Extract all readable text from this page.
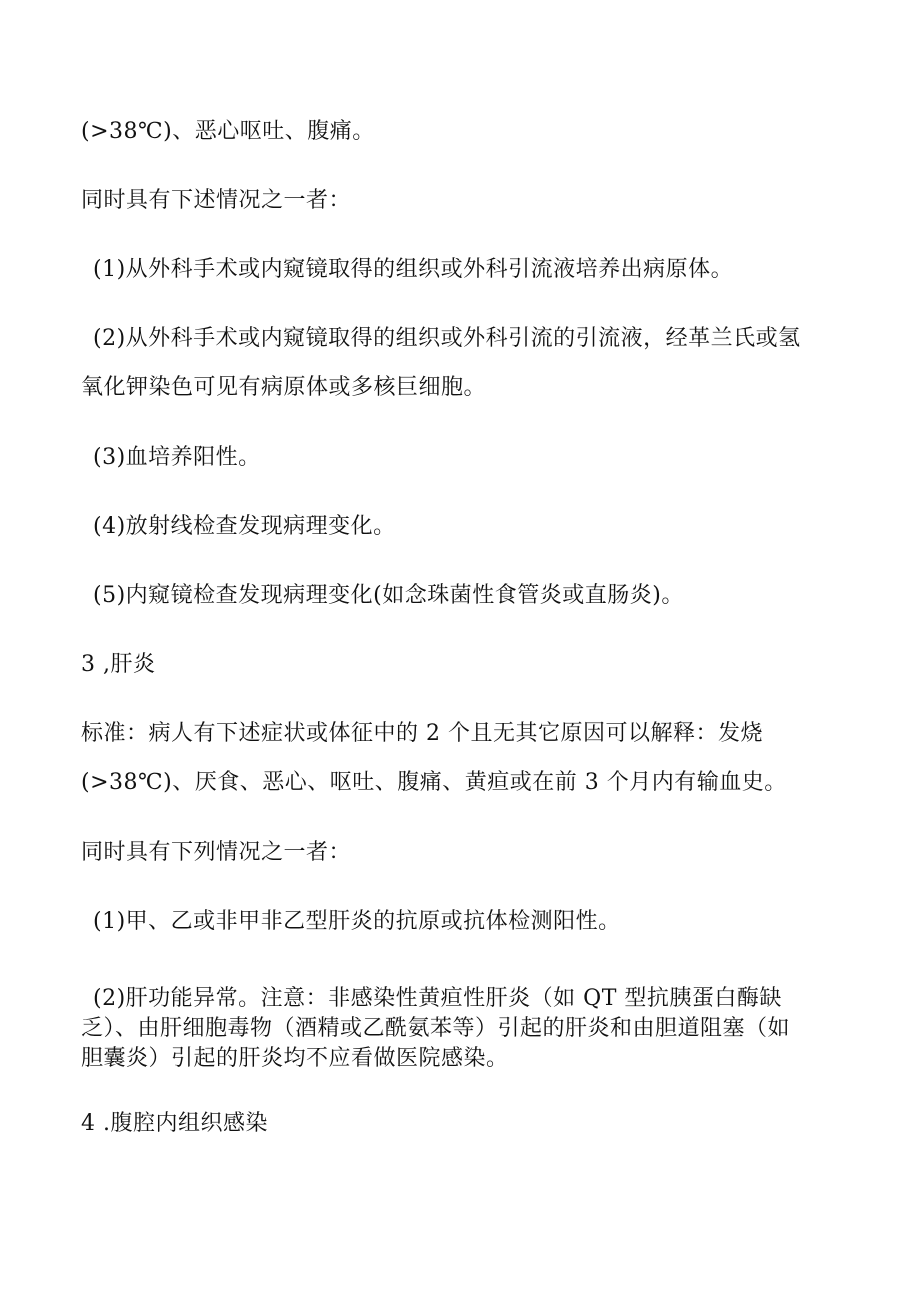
(>38℃)、恶心呕吐、腹痛。
同时具有下述情况之一者：
(1)从外科手术或内窥镜取得的组织或外科引流液培养出病原体。
(2)从外科手术或内窥镜取得的组织或外科引流的引流液，经革兰氏或氢
氧化钾染色可见有病原体或多核巨细胞。
(3)血培养阳性。
(4)放射线检查发现病理变化。
(5)内窥镜检查发现病理变化(如念珠菌性食管炎或直肠炎)。
3 ,肝炎
标准：病人有下述症状或体征中的 2 个且无其它原因可以解释：发烧
(>38℃)、厌食、恶心、呕吐、腹痛、黄疸或在前 3 个月内有输血史。
同时具有下列情况之一者：
(1)甲、乙或非甲非乙型肝炎的抗原或抗体检测阳性。
(2)肝功能异常。注意：非感染性黄疸性肝炎（如 QT 型抗胰蛋白酶缺
乏）、由肝细胞毒物（酒精或乙酰氨苯等）引起的肝炎和由胆道阻塞（如
胆囊炎）引起的肝炎均不应看做医院感染。
4 .腹腔内组织感染
